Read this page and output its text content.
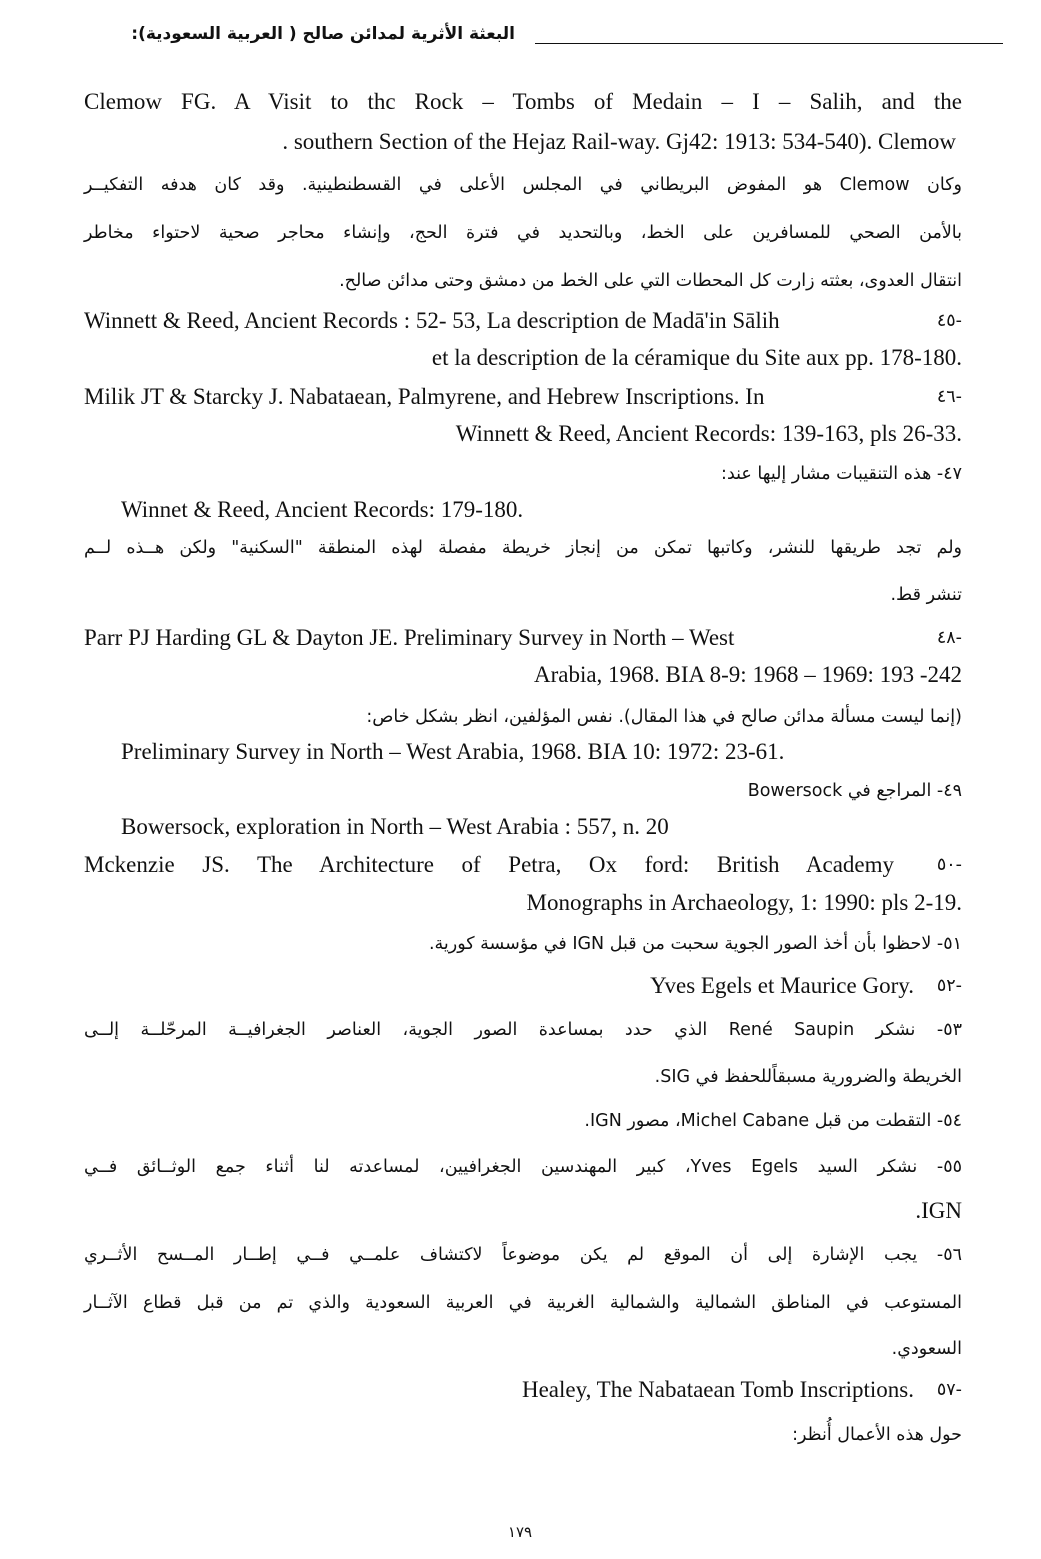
البعثة الأثرية لمدائن صالح ( العربية السعودية):
Clemow FG. A Visit to thc Rock – Tombs of Medain – I – Salih, and the
. southern Section of the Hejaz Rail-way. Gj42: 1913: 534-540). Clemow
وكان Clemow هو المفوض البريطاني في المجلس الأعلى في القسطنطينية. وقد كان هدفه التفكيــر
بالأمن الصحي للمسافرين على الخط، وبالتحديد في فترة الحج، وإنشاء محاجر صحية لاحتواء مخاطر
انتقال العدوى، بعثته زارت كل المحطات التي على الخط من دمشق وحتى مدائن صالح.
Winnett & Reed, Ancient Records : 52- 53, La description de Madā'in Sālih	-٤٥
et la description de la céramique du Site aux pp. 178-180.
Milik JT & Starcky J. Nabataean, Palmyrene, and Hebrew Inscriptions. In	-٤٦
Winnett & Reed, Ancient Records: 139-163, pls 26-33.
٤٧- هذه التنقيبات مشار إليها عند:
Winnet & Reed, Ancient Records: 179-180.
ولم تجد طريقها للنشر، وكاتبها تمكن من إنجاز خريطة مفصلة لهذه المنطقة "السكنية" ولكن هــذه لــم
تنشر قط.
Parr PJ Harding GL & Dayton JE. Preliminary Survey in North – West	-٤٨
Arabia, 1968. BIA 8-9: 1968 – 1969: 193 -242
(إنما ليست مسألة مدائن صالح في هذا المقال). نفس المؤلفين، انظر بشكل خاص:
Preliminary Survey in North – West Arabia, 1968. BIA 10: 1972: 23-61.
٤٩- المراجع في Bowersock
Bowersock, exploration in North – West Arabia : 557, n. 20
Mckenzie JS. The Architecture of Petra, Ox ford: British Academy	-٥٠
Monographs in Archaeology, 1: 1990: pls 2-19.
٥١- لاحظوا بأن أخذ الصور الجوية سحبت من قبل IGN في مؤسسة كورية.
Yves Egels et Maurice Gory.	-٥٢
٥٣- نشكر René Saupin الذي حدد بمساعدة الصور الجوية، العناصر الجغرافيــة المرحّلــة إلــى
الخريطة والضرورية مسبقاًللحفظ في SIG.
٥٤- التقطت من قبل Michel Cabane، مصور IGN.
٥٥- نشكر السيد Yves Egels، كبير المهندسين الجغرافيين، لمساعدته لنا أثناء جمع الوثــائق فــي
.IGN
٥٦- يجب الإشارة إلى أن الموقع لم يكن موضوعاً لاكتشاف علمــي فــي إطــار المــسح الأثــري
المستوعب في المناطق الشمالية والشمالية الغربية في العربية السعودية والذي تم من قبل قطاع الآثــار
السعودي.
Healey, The Nabataean Tomb Inscriptions.	-٥٧
حول هذه الأعمال أُنظر:
١٧٩
